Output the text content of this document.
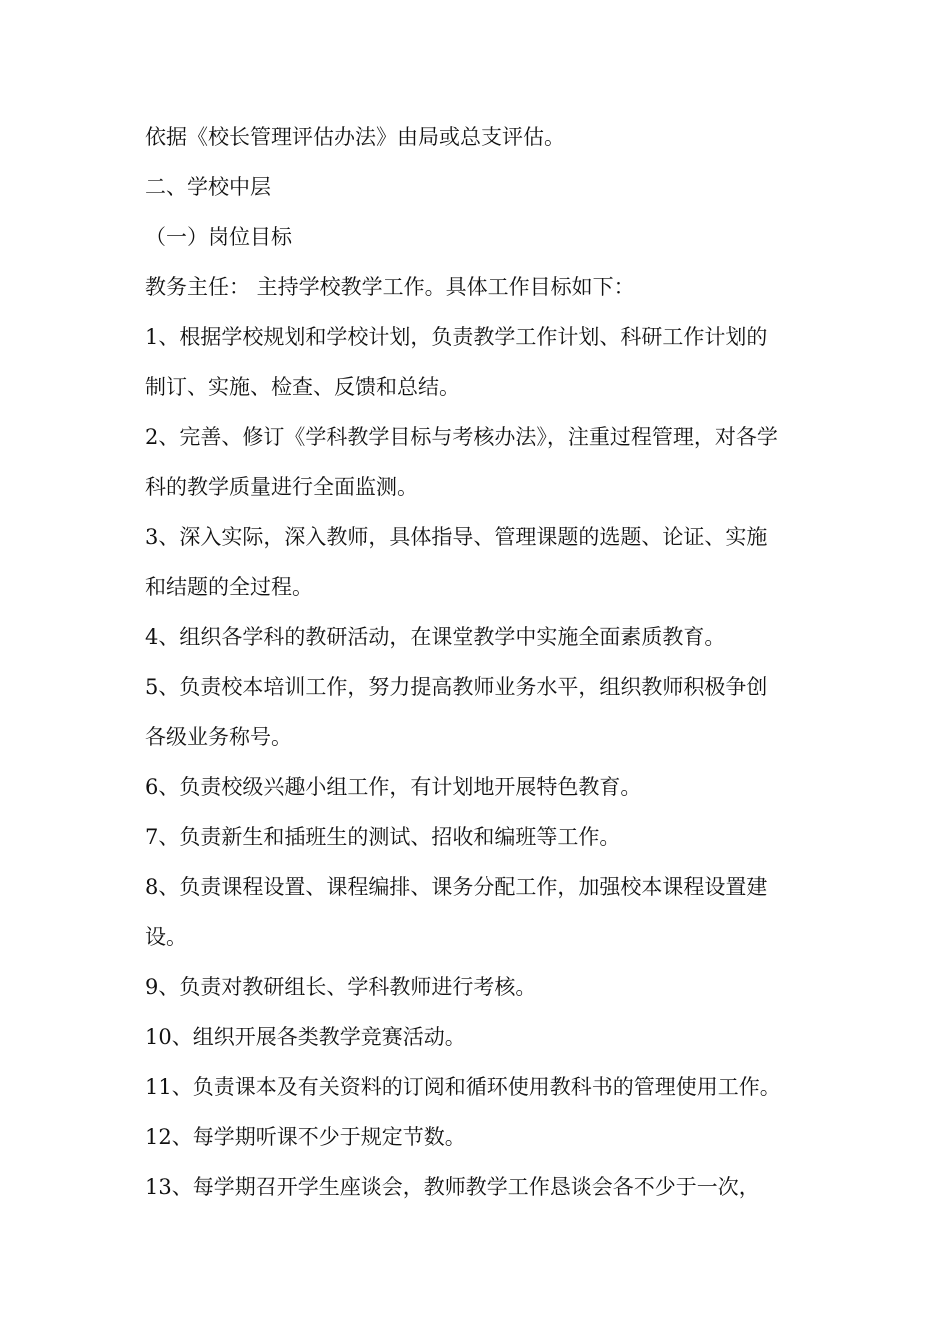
依据《校长管理评估办法》由局或总支评估。
二、学校中层
（一）岗位目标
教务主任： 主持学校教学工作。具体工作目标如下：
1、根据学校规划和学校计划，负责教学工作计划、科研工作计划的
制订、实施、检查、反馈和总结。
2、完善、修订《学科教学目标与考核办法》，注重过程管理，对各学
科的教学质量进行全面监测。
3、深入实际，深入教师，具体指导、管理课题的选题、论证、实施
和结题的全过程。
4、组织各学科的教研活动，在课堂教学中实施全面素质教育。
5、负责校本培训工作，努力提高教师业务水平，组织教师积极争创
各级业务称号。
6、负责校级兴趣小组工作，有计划地开展特色教育。
7、负责新生和插班生的测试、招收和编班等工作。
8、负责课程设置、课程编排、课务分配工作，加强校本课程设置建
设。
9、负责对教研组长、学科教师进行考核。
10、组织开展各类教学竞赛活动。
11、负责课本及有关资料的订阅和循环使用教科书的管理使用工作。
12、每学期听课不少于规定节数。
13、每学期召开学生座谈会，教师教学工作恳谈会各不少于一次，
